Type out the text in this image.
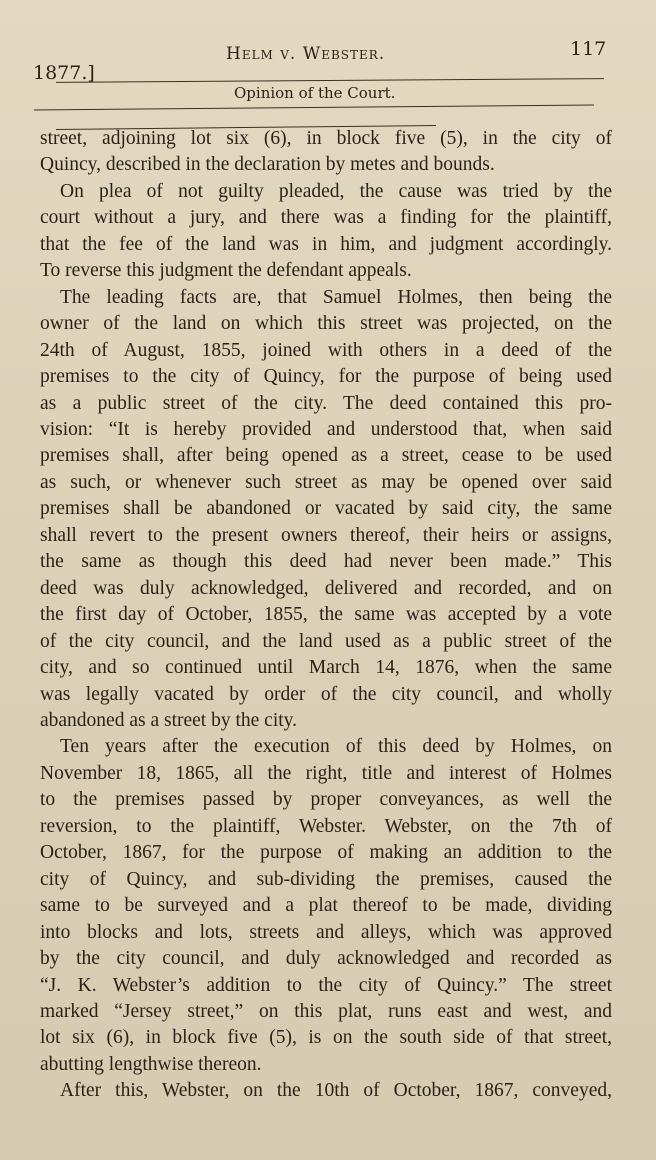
1877.]
Helm v. Webster.	117
Opinion of the Court.
street, adjoining lot six (6), in block five (5), in the city of
Quincy, described in the declaration by metes and bounds.
On plea of not guilty pleaded, the cause was tried by the
court without a jury, and there was a finding for the plaintiff,
that the fee of the land was in him, and judgment accordingly.
To reverse this judgment the defendant appeals.
The leading facts are, that Samuel Holmes, then being the
owner of the land on which this street was projected, on the
24th of August, 1855, joined with others in a deed of the
premises to the city of Quincy, for the purpose of being used
as a public street of the city. The deed contained this pro-
vision: “It is hereby provided and understood that, when said
premises shall, after being opened as a street, cease to be used
as such, or whenever such street as may be opened over said
premises shall be abandoned or vacated by said city, the same
shall revert to the present owners thereof, their heirs or assigns,
the same as though this deed had never been made.” This
deed was duly acknowledged, delivered and recorded, and on
the first day of October, 1855, the same was accepted by a vote
of the city council, and the land used as a public street of the
city, and so continued until March 14, 1876, when the same
was legally vacated by order of the city council, and wholly
abandoned as a street by the city.
Ten years after the execution of this deed by Holmes, on
November 18, 1865, all the right, title and interest of Holmes
to the premises passed by proper conveyances, as well the
reversion, to the plaintiff, Webster. Webster, on the 7th of
October, 1867, for the purpose of making an addition to the
city of Quincy, and sub-dividing the premises, caused the
same to be surveyed and a plat thereof to be made, dividing
into blocks and lots, streets and alleys, which was approved
by the city council, and duly acknowledged and recorded as
“J. K. Webster’s addition to the city of Quincy.” The street
marked “Jersey street,” on this plat, runs east and west, and
lot six (6), in block five (5), is on the south side of that street,
abutting lengthwise thereon.
After this, Webster, on the 10th of October, 1867, conveyed,
